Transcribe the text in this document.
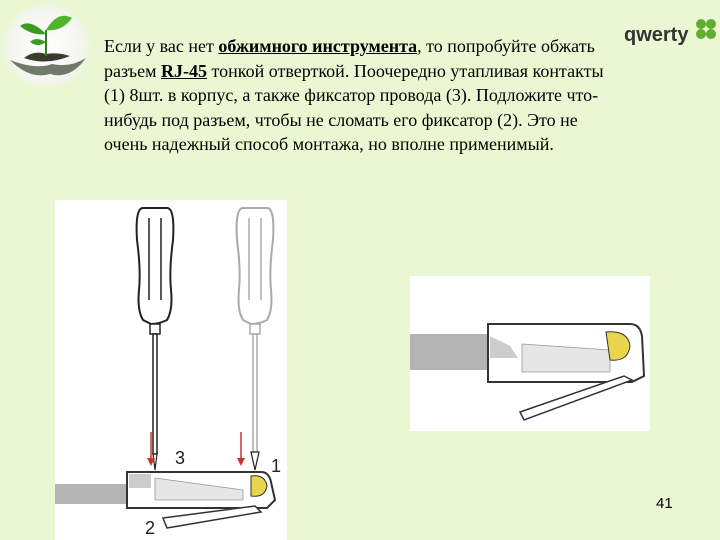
qwerty
Если у вас нет обжимного инструмента, то попробуйте обжать разъем RJ-45 тонкой отверткой. Поочередно утапливая контакты (1) 8шт. в корпус, а также фиксатор провода (3). Подложите что-нибудь под разъем, чтобы не сломать его фиксатор (2). Это не очень надежный способ монтажа, но вполне применимый.
3	1
2
41
